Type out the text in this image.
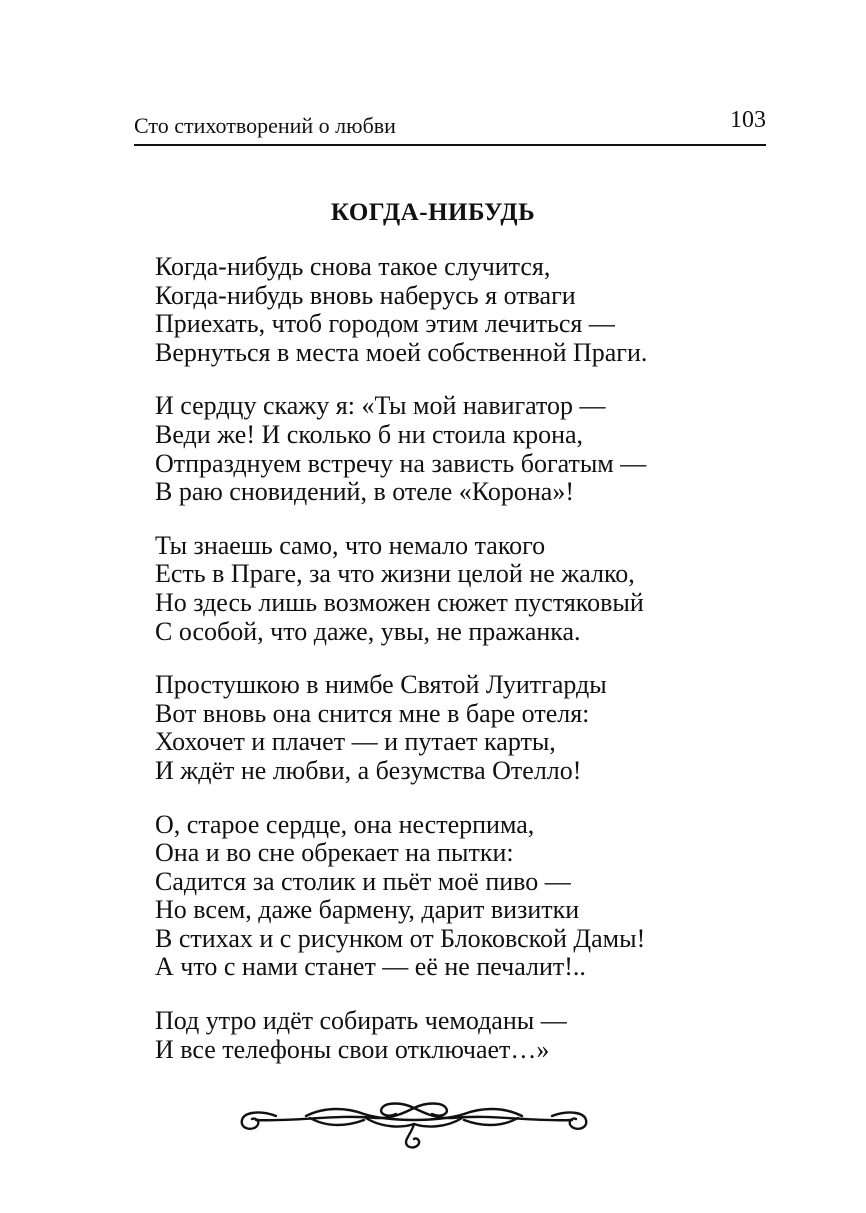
Сто стихотворений о любви	103
КОГДА-НИБУДЬ
Когда-нибудь снова такое случится,
Когда-нибудь вновь наберусь я отваги
Приехать, чтоб городом этим лечиться —
Вернуться в места моей собственной Праги.
И сердцу скажу я: «Ты мой навигатор —
Веди же! И сколько б ни стоила крона,
Отпразднуем встречу на зависть богатым —
В раю сновидений, в отеле «Корона»!
Ты знаешь само, что немало такого
Есть в Праге, за что жизни целой не жалко,
Но здесь лишь возможен сюжет пустяковый
С особой, что даже, увы, не пражанка.
Простушкою в нимбе Святой Луитгарды
Вот вновь она снится мне в баре отеля:
Хохочет и плачет — и путает карты,
И ждёт не любви, а безумства Отелло!
О, старое сердце, она нестерпима,
Она и во сне обрекает на пытки:
Садится за столик и пьёт моё пиво —
Но всем, даже бармену, дарит визитки
В стихах и с рисунком от Блоковской Дамы!
А что с нами станет — её не печалит!..
Под утро идёт собирать чемоданы —
И все телефоны свои отключает…»
